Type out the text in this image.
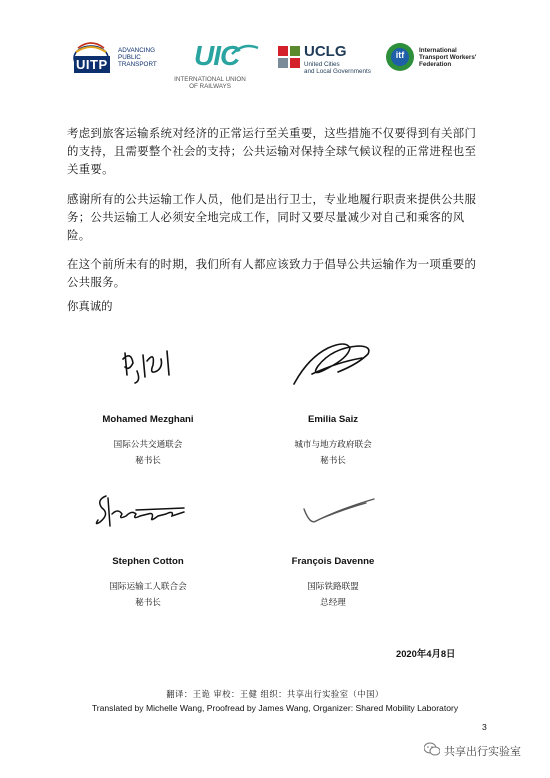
UITP
ADVANCING
PUBLIC
TRANSPORT UIC
INTERNATIONAL UNION
OF RAILWAYS
UCLG
United Cities
and Local Governments
itf	International
Transport Workers'
Federation
考虑到旅客运输系统对经济的正常运行至关重要，这些措施不仅要得到有关部门的支持，且需要整个社会的支持；公共运输对保持全球气候议程的正常进程也至关重要。
感谢所有的公共运输工作人员，他们是出行卫士，专业地履行职责来提供公共服务；公共运输工人必须安全地完成工作，同时又要尽量减少对自己和乘客的风险。
在这个前所未有的时期，我们所有人都应该致力于倡导公共运输作为一项重要的公共服务。
你真诚的
Mohamed Mezghani
国际公共交通联会
秘书长
Emilia Saiz
城市与地方政府联会
秘书长
Stephen Cotton
国际运输工人联合会
秘书长
François Davenne
国际铁路联盟
总经理
2020年4月8日
翻译：王诡 审校：王健 组织：共享出行实验室（中国）
Translated by Michelle Wang, Proofread by James Wang, Organizer: Shared Mobility Laboratory
3
共享出行实验室
